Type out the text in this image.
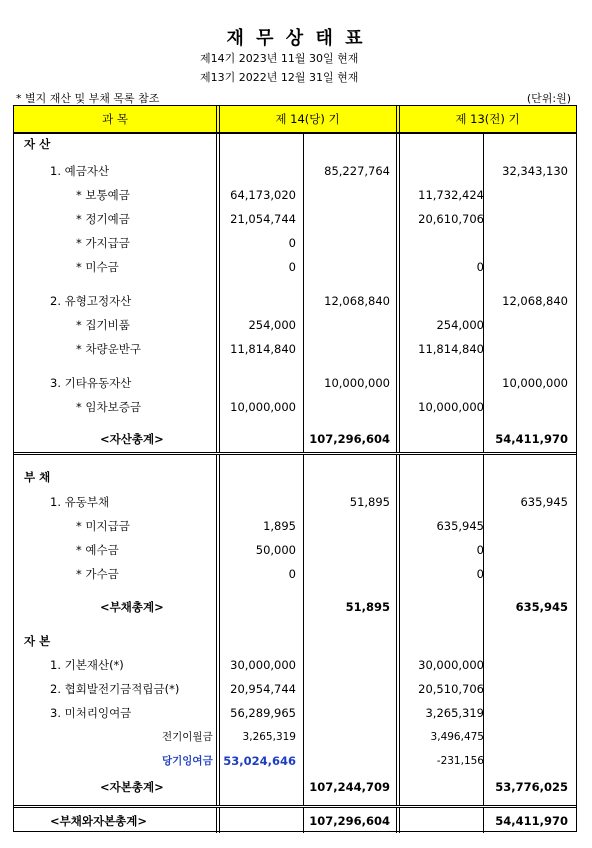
재 무 상 태 표
제14기 2023년 11월 30일 현재
제13기 2022년 12월 31일 현재
* 별지 재산 및 부채 목록 참조	(단위:원)
과 목	제 14(당) 기	제 13(전) 기
자 산
1. 예금자산	85,227,764	32,343,130
* 보통예금	64,173,020	11,732,424
* 정기예금	21,054,744	20,610,706
* 가지급금	0
* 미수금	0	0
2. 유형고정자산	12,068,840	12,068,840
* 집기비품	254,000	254,000
* 차량운반구	11,814,840	11,814,840
3. 기타유동자산	10,000,000	10,000,000
* 임차보증금	10,000,000	10,000,000
<자산총계>	107,296,604	54,411,970
부 채
1. 유동부채	51,895	635,945
* 미지급금	1,895	635,945
* 예수금	50,000	0
* 가수금	0	0
<부채총계>	51,895	635,945
자 본
1. 기본재산(*)	30,000,000	30,000,000
2. 협회발전기금적립금(*)	20,954,744	20,510,706
3. 미처리잉여금	56,289,965	3,265,319
전기이월금	3,265,319	3,496,475
당기잉여금 53,024,646	-231,156
<자본총계>	107,244,709	53,776,025
<부채와자본총계>	107,296,604	54,411,970
